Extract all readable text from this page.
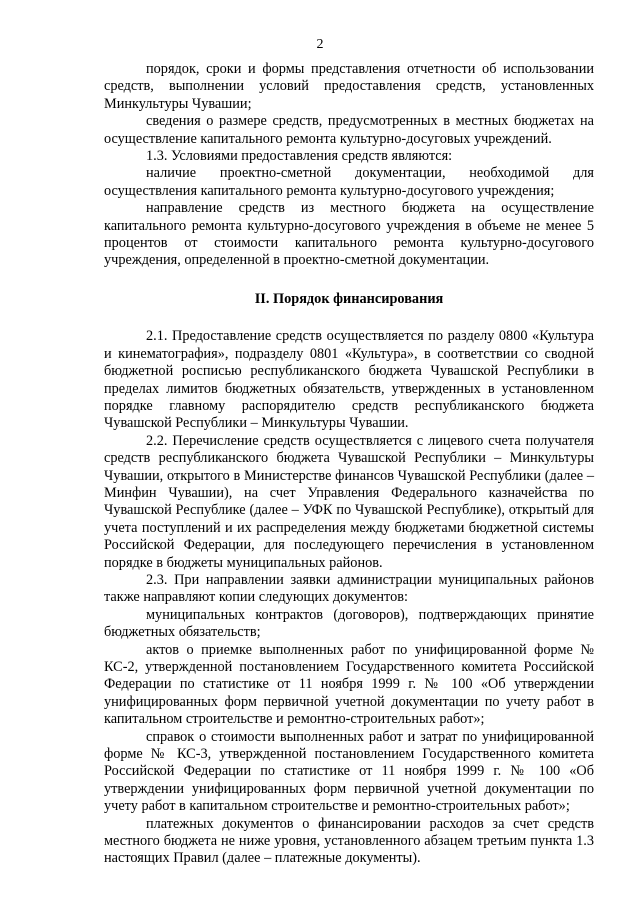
2

порядок, сроки и формы представления отчетности об использовании средств, выполнении условий предоставления средств, установленных Минкультуры Чувашии;

сведения о размере средств, предусмотренных в местных бюджетах на осуществление капитального ремонта культурно-досуговых учреждений.

1.3. Условиями предоставления средств являются:

наличие проектно-сметной документации, необходимой для осуществления капитального ремонта культурно-досугового учреждения;

направление средств из местного бюджета на осуществление капитального ремонта культурно-досугового учреждения в объеме не менее 5 процентов от стоимости капитального ремонта культурно-досугового учреждения, определенной в проектно-сметной документации.

II. Порядок финансирования

2.1. Предоставление средств осуществляется по разделу 0800 «Культура и кинематография», подразделу 0801 «Культура», в соответствии со сводной бюджетной росписью республиканского бюджета Чувашской Республики в пределах лимитов бюджетных обязательств, утвержденных в установленном порядке главному распорядителю средств республиканского бюджета Чувашской Республики – Минкультуры Чувашии.

2.2. Перечисление средств осуществляется с лицевого счета получателя средств республиканского бюджета Чувашской Республики – Минкультуры Чувашии, открытого в Министерстве финансов Чувашской Республики (далее – Минфин Чувашии), на счет Управления Федерального казначейства по Чувашской Республике (далее – УФК по Чувашской Республике), открытый для учета поступлений и их распределения между бюджетами бюджетной системы Российской Федерации, для последующего перечисления в установленном порядке в бюджеты муниципальных районов.

2.3. При направлении заявки администрации муниципальных районов также направляют копии следующих документов:

муниципальных контрактов (договоров), подтверждающих принятие бюджетных обязательств;

актов о приемке выполненных работ по унифицированной форме № КС-2, утвержденной постановлением Государственного комитета Российской Федерации по статистике от 11 ноября 1999 г. № 100 «Об утверждении унифицированных форм первичной учетной документации по учету работ в капитальном строительстве и ремонтно-строительных работ»;

справок о стоимости выполненных работ и затрат по унифицированной форме № КС-3, утвержденной постановлением Государственного комитета Российской Федерации по статистике от 11 ноября 1999 г. № 100 «Об утверждении унифицированных форм первичной учетной документации по учету работ в капитальном строительстве и ремонтно-строительных работ»;

платежных документов о финансировании расходов за счет средств местного бюджета не ниже уровня, установленного абзацем третьим пункта 1.3 настоящих Правил (далее – платежные документы).
